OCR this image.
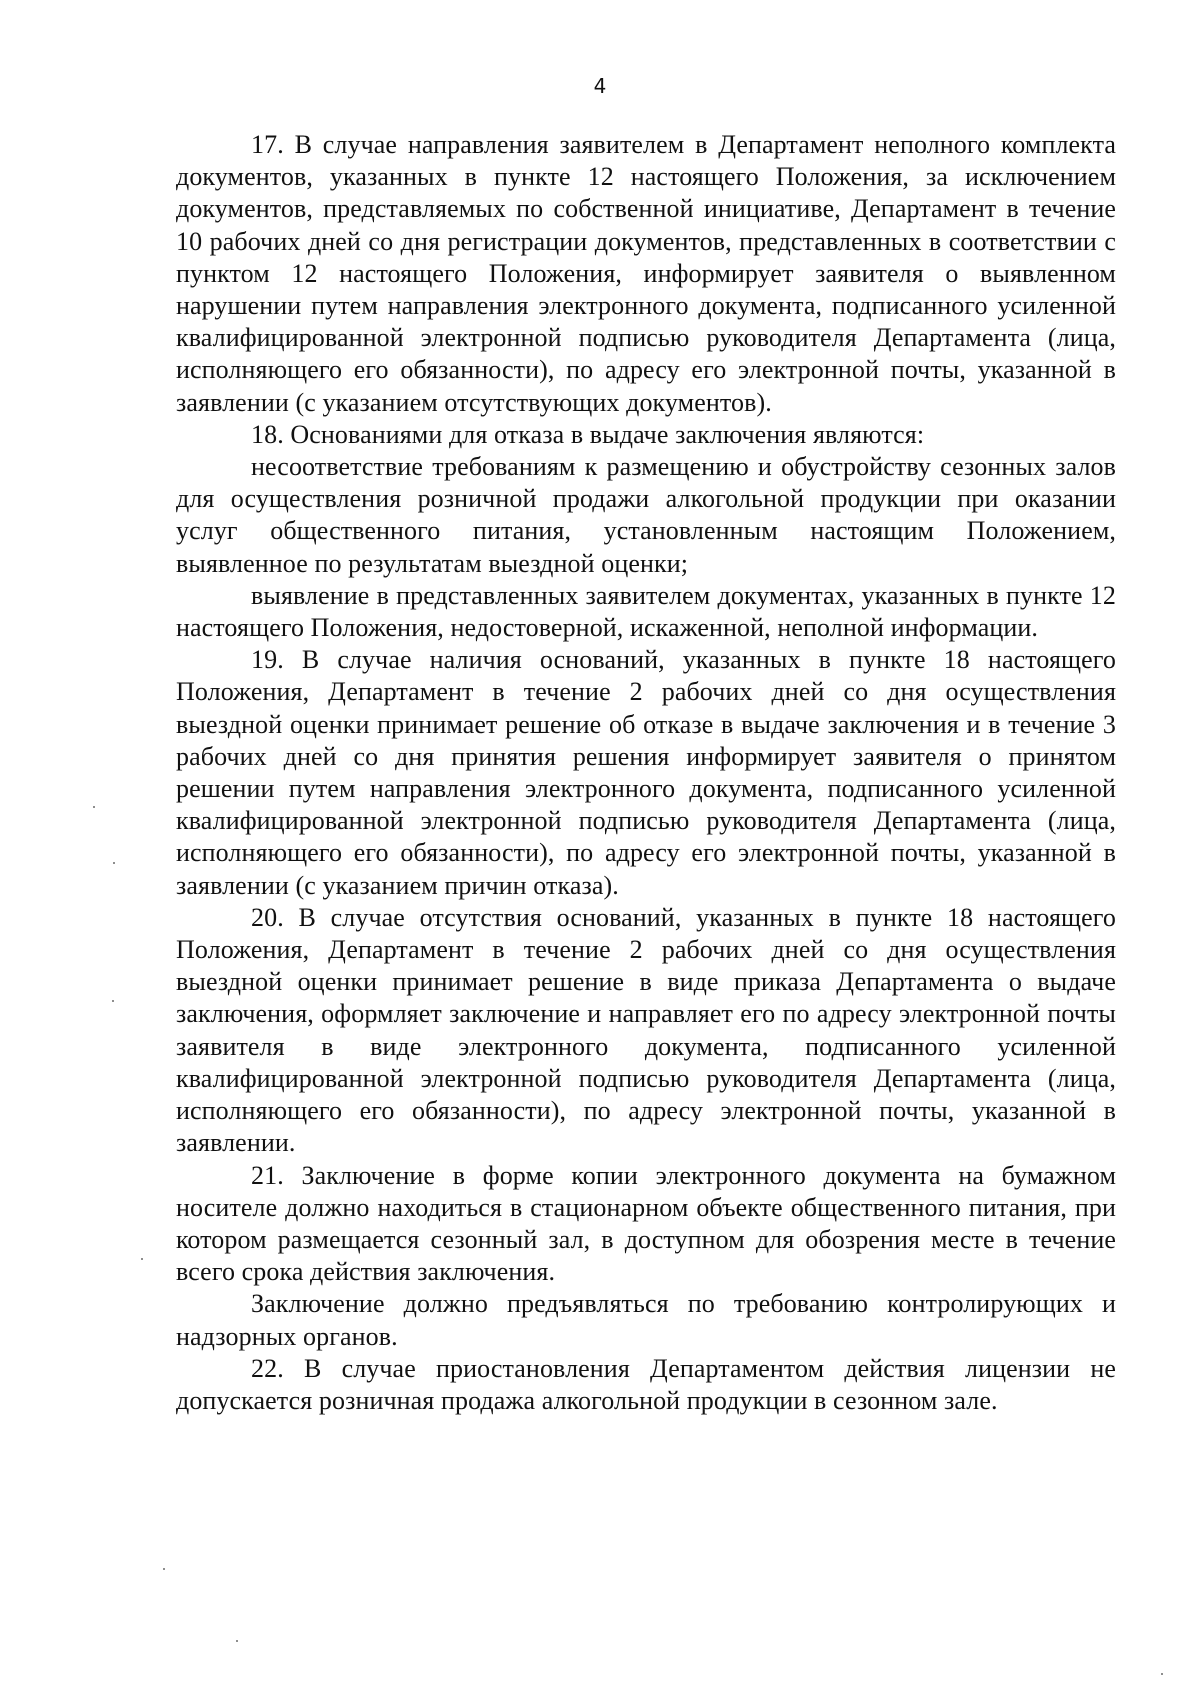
4

17. В случае направления заявителем в Департамент неполного комплекта документов, указанных в пункте 12 настоящего Положения, за исключением документов, представляемых по собственной инициативе, Департамент в течение 10 рабочих дней со дня регистрации документов, представленных в соответствии с пунктом 12 настоящего Положения, информирует заявителя о выявленном нарушении путем направления электронного документа, подписанного усиленной квалифицированной электронной подписью руководителя Департамента (лица, исполняющего его обязанности), по адресу его электронной почты, указанной в заявлении (с указанием отсутствующих документов).

18. Основаниями для отказа в выдаче заключения являются:

несоответствие требованиям к размещению и обустройству сезонных залов для осуществления розничной продажи алкогольной продукции при оказании услуг общественного питания, установленным настоящим Положением, выявленное по результатам выездной оценки;

выявление в представленных заявителем документах, указанных в пункте 12 настоящего Положения, недостоверной, искаженной, неполной информации.

19. В случае наличия оснований, указанных в пункте 18 настоящего Положения, Департамент в течение 2 рабочих дней со дня осуществления выездной оценки принимает решение об отказе в выдаче заключения и в течение 3 рабочих дней со дня принятия решения информирует заявителя о принятом решении путем направления электронного документа, подписанного усиленной квалифицированной электронной подписью руководителя Департамента (лица, исполняющего его обязанности), по адресу его электронной почты, указанной в заявлении (с указанием причин отказа).

20. В случае отсутствия оснований, указанных в пункте 18 настоящего Положения, Департамент в течение 2 рабочих дней со дня осуществления выездной оценки принимает решение в виде приказа Департамента о выдаче заключения, оформляет заключение и направляет его по адресу электронной почты заявителя в виде электронного документа, подписанного усиленной квалифицированной электронной подписью руководителя Департамента (лица, исполняющего его обязанности), по адресу электронной почты, указанной в заявлении.

21. Заключение в форме копии электронного документа на бумажном носителе должно находиться в стационарном объекте общественного питания, при котором размещается сезонный зал, в доступном для обозрения месте в течение всего срока действия заключения.

Заключение должно предъявляться по требованию контролирующих и надзорных органов.

22. В случае приостановления Департаментом действия лицензии не допускается розничная продажа алкогольной продукции в сезонном зале.
